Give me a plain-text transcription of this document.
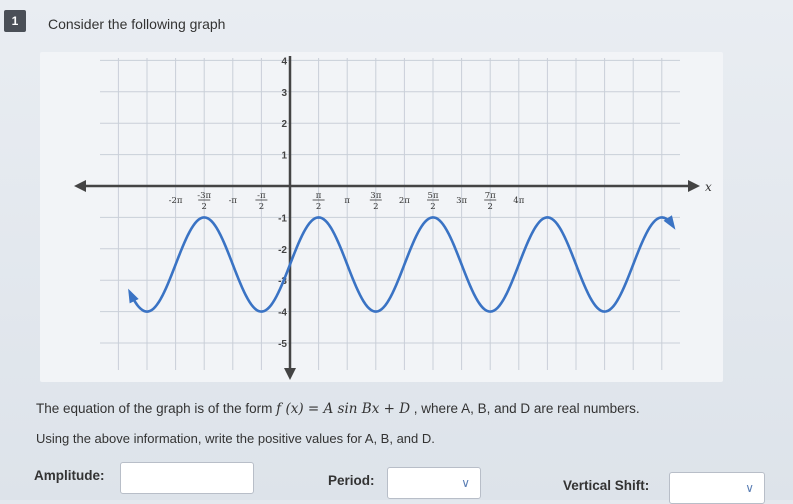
1	Consider the following graph
x
4
3
2
1
-1
-2
-3
-4
-5
-2π -3π
2
-π -π
2
π
2
π 3π
2
2π 5π
2
3π 7π
2
4π
The equation of the graph is of the form f (x) = A sin Bx + D , where A, B, and D are real numbers.
Using the above information, write the positive values for A, B, and D.
Amplitude:	Period:	∨	Vertical Shift:	∨
